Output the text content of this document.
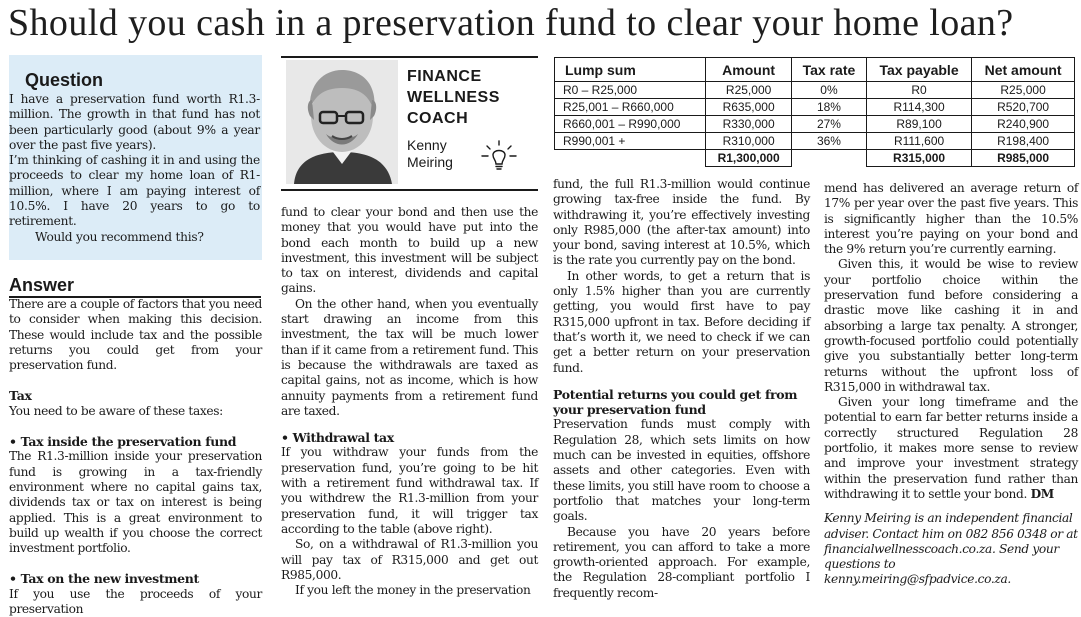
Should you cash in a preservation fund to clear your home loan?
Question

I have a preservation fund worth R1.3-million. The growth in that fund has not been particularly good (about 9% a year over the past five years).

I’m thinking of cashing it in and using the proceeds to clear my home loan of R1-million, where I am paying interest of 10.5%. I have 20 years to go to retirement.

Would you recommend this?

Answer

There are a couple of factors that you need to consider when making this decision. These would include tax and the possible returns you could get from your preservation fund.

Tax

You need to be aware of these taxes:

• Tax inside the preservation fund

The R1.3-million inside your preservation fund is growing in a tax-friendly environment where no capital gains tax, dividends tax or tax on interest is being applied. This is a great environment to build up wealth if you choose the correct investment portfolio.

• Tax on the new investment

If you use the proceeds of your preservation

FINANCE
WELLNESS
COACH
Kenny
Meiring

fund to clear your bond and then use the money that you would have put into the bond each month to build up a new investment, this investment will be subject to tax on interest, dividends and capital gains.

On the other hand, when you eventually start drawing an income from this investment, the tax will be much lower than if it came from a retirement fund. This is because the withdrawals are taxed as capital gains, not as income, which is how annuity payments from a retirement fund are taxed.

• Withdrawal tax

If you withdraw your funds from the preservation fund, you’re going to be hit with a retirement fund withdrawal tax. If you withdrew the R1.3-million from your preservation fund, it will trigger tax according to the table (above right).

So, on a withdrawal of R1.3-million you will pay tax of R315,000 and get out R985,000.

If you left the money in the preservation

Lump sum	Amount	Tax rate	Tax payable	Net amount
R0 – R25,000	R25,000	0%	R0	R25,000
R25,001 – R660,000	R635,000	18%	R114,300	R520,700
R660,001 – R990,000	R330,000	27%	R89,100	R240,900
R990,001 +	R310,000	36%	R111,600	R198,400
	R1,300,000		R315,000	R985,000

fund, the full R1.3-million would continue growing tax-free inside the fund. By withdrawing it, you’re effectively investing only R985,000 (the after-tax amount) into your bond, saving interest at 10.5%, which is the rate you currently pay on the bond.

In other words, to get a return that is only 1.5% higher than you are currently getting, you would first have to pay R315,000 upfront in tax. Before deciding if that’s worth it, we need to check if we can get a better return on your preservation fund.

Potential returns you could get from your preservation fund

Preservation funds must comply with Regulation 28, which sets limits on how much can be invested in equities, offshore assets and other categories. Even with these limits, you still have room to choose a portfolio that matches your long-term goals.

Because you have 20 years before retirement, you can afford to take a more growth-oriented approach. For example, the Regulation 28-compliant portfolio I frequently recom-

mend has delivered an average return of 17% per year over the past five years. This is significantly higher than the 10.5% interest you’re paying on your bond and the 9% return you’re currently earning.

Given this, it would be wise to review your portfolio choice within the preservation fund before considering a drastic move like cashing it in and absorbing a large tax penalty. A stronger, growth-focused portfolio could potentially give you substantially better long-term returns without the upfront loss of R315,000 in withdrawal tax.

Given your long timeframe and the potential to earn far better returns inside a correctly structured Regulation 28 portfolio, it makes more sense to review and improve your investment strategy within the preservation fund rather than withdrawing it to settle your bond. DM

Kenny Meiring is an independent financial adviser. Contact him on 082 856 0348 or at financialwellnesscoach.co.za. Send your questions to kenny.meiring@sfpadvice.co.za.
